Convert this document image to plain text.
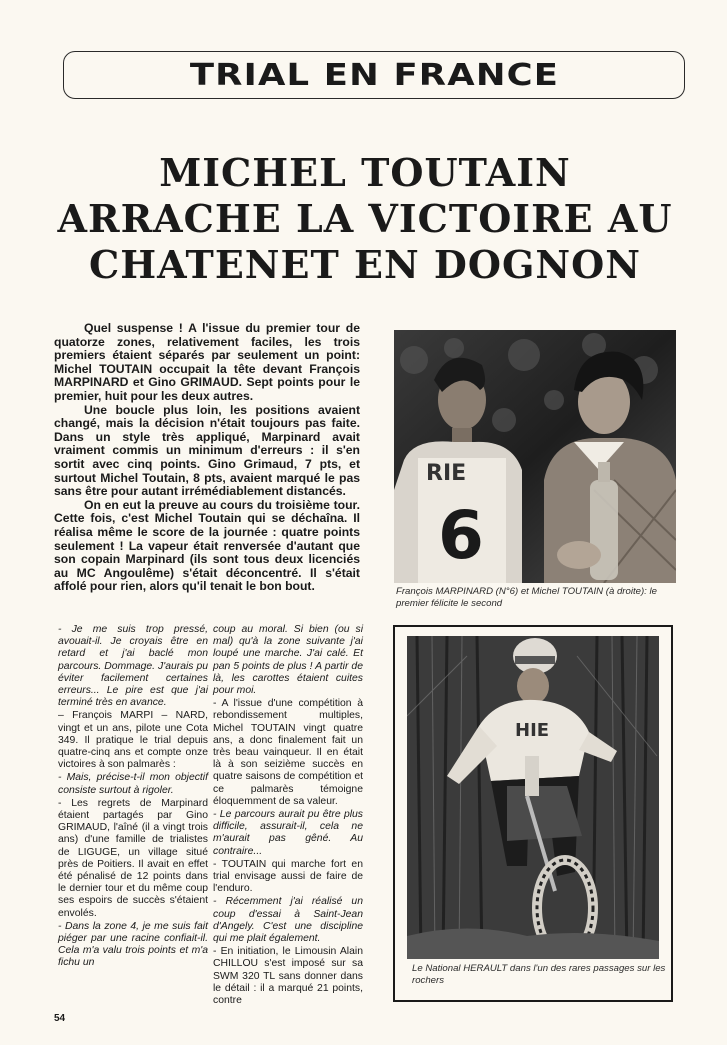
TRIAL EN FRANCE
MICHEL TOUTAIN
ARRACHE LA VICTOIRE AU
CHATENET EN DOGNON

Quel suspense ! A l'issue du premier tour de quatorze zones, relativement faciles, les trois premiers étaient séparés par seulement un point: Michel TOUTAIN occupait la tête devant François MARPINARD et Gino GRIMAUD. Sept points pour le premier, huit pour les deux autres.

Une boucle plus loin, les positions avaient changé, mais la décision n'était toujours pas faite. Dans un style très appliqué, Marpinard avait vraiment commis un minimum d'erreurs : il s'en sortit avec cinq points. Gino Grimaud, 7 pts, et surtout Michel Toutain, 8 pts, avaient marqué le pas sans être pour autant irrémédiablement distancés.

On en eut la preuve au cours du troisième tour. Cette fois, c'est Michel Toutain qui se déchaîna. Il réalisa même le score de la journée : quatre points seulement ! La vapeur était renversée d'autant que son copain Marpinard (ils sont tous deux licenciés au MC Angoulême) s'était déconcentré. Il s'était affolé pour rien, alors qu'il tenait le bon bout.

RIE
6
François MARPINARD (N°6) et Michel TOUTAIN (à droite): le premier félicite le second
HIE
Le National HERAULT dans l'un des rares passages sur les rochers

- Je me suis trop pressé, avouait-il. Je croyais être en retard et j'ai baclé mon parcours. Dommage. J'aurais pu éviter facilement certaines erreurs... Le pire est que j'ai terminé très en avance.

– François MARPI – NARD, vingt et un ans, pilote une Cota 349. Il pratique le trial depuis quatre-cinq ans et compte onze victoires à son palmarès :

- Mais, précise-t-il mon objectif consiste surtout à rigoler.

- Les regrets de Marpinard étaient partagés par Gino GRIMAUD, l'aîné (il a vingt trois ans) d'une famille de trialistes de LIGUGE, un village situé près de Poitiers. Il avait en effet été pénalisé de 12 points dans le dernier tour et du même coup ses espoirs de succès s'étaient envolés.

- Dans la zone 4, je me suis fait piéger par une racine confiait-il. Cela m'a valu trois points et m'a fichu un

coup au moral. Si bien (ou si mal) qu'à la zone suivante j'ai loupé une marche. J'ai calé. Et pan 5 points de plus ! A partir de là, les carottes étaient cuites pour moi.

- A l'issue d'une compétition à rebondissement multiples, Michel TOUTAIN vingt quatre ans, a donc finalement fait un très beau vainqueur. Il en était là à son seizième succès en quatre saisons de compétition et ce palmarès témoigne éloquemment de sa valeur.

- Le parcours aurait pu être plus difficile, assurait-il, cela ne m'aurait pas gêné. Au contraire...

- TOUTAIN qui marche fort en trial envisage aussi de faire de l'enduro.

- Récemment j'ai réalisé un coup d'essai à Saint-Jean d'Angely. C'est une discipline qui me plait également.

- En initiation, le Limousin Alain CHILLOU s'est imposé sur sa SWM 320 TL sans donner dans le détail : il a marqué 21 points, contre

54
